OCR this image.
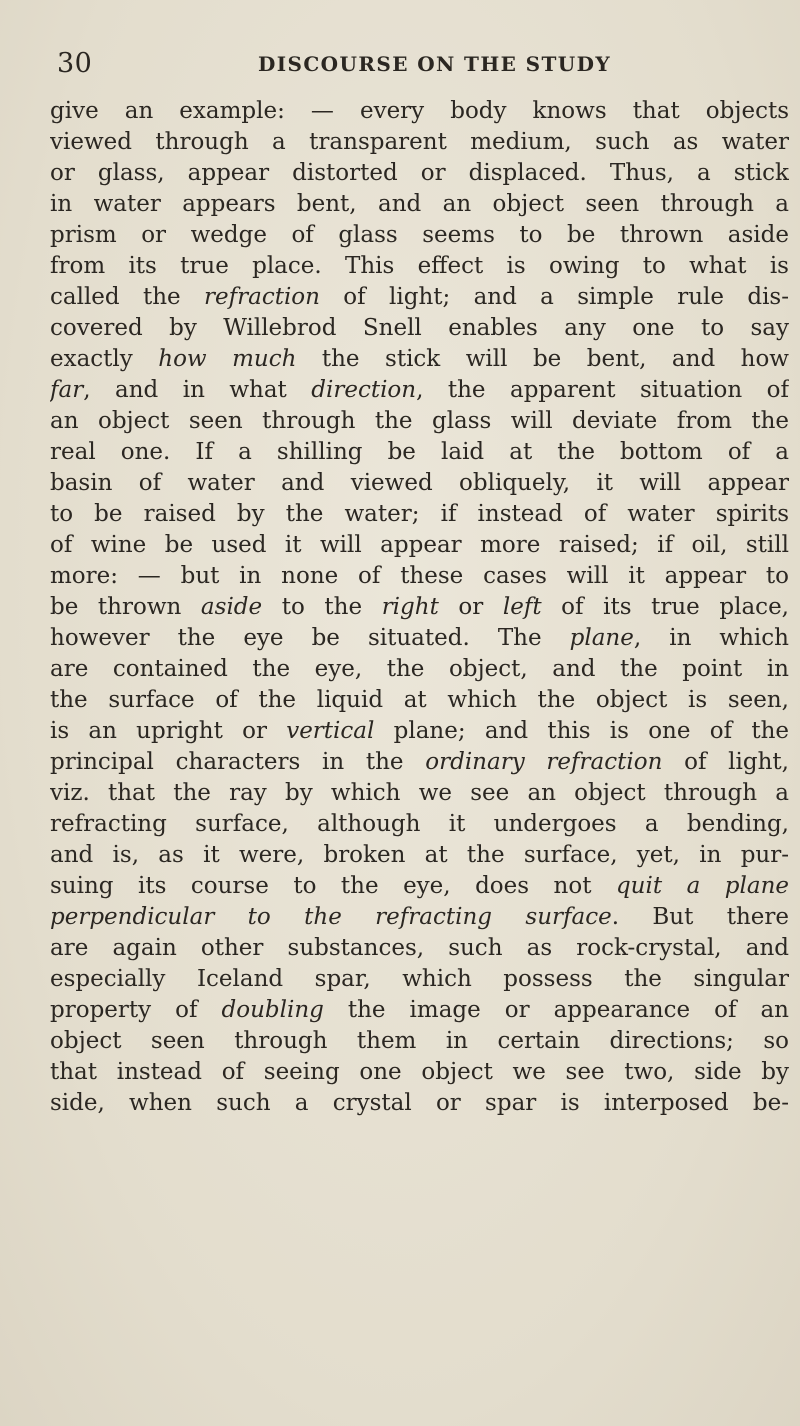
30	DISCOURSE ON THE STUDY
give an example: — every body knows that objects
viewed through a transparent medium, such as water
or glass, appear distorted or displaced. Thus, a stick
in water appears bent, and an object seen through a
prism or wedge of glass seems to be thrown aside
from its true place. This effect is owing to what is
called the refraction of light; and a simple rule dis-
covered by Willebrod Snell enables any one to say
exactly how much the stick will be bent, and how
far, and in what direction, the apparent situation of
an object seen through the glass will deviate from the
real one. If a shilling be laid at the bottom of a
basin of water and viewed obliquely, it will appear
to be raised by the water; if instead of water spirits
of wine be used it will appear more raised; if oil, still
more: — but in none of these cases will it appear to
be thrown aside to the right or left of its true place,
however the eye be situated. The plane, in which
are contained the eye, the object, and the point in
the surface of the liquid at which the object is seen,
is an upright or vertical plane; and this is one of the
principal characters in the ordinary refraction of light,
viz. that the ray by which we see an object through a
refracting surface, although it undergoes a bending,
and is, as it were, broken at the surface, yet, in pur-
suing its course to the eye, does not quit a plane
perpendicular to the refracting surface. But there
are again other substances, such as rock-crystal, and
especially Iceland spar, which possess the singular
property of doubling the image or appearance of an
object seen through them in certain directions; so
that instead of seeing one object we see two, side by
side, when such a crystal or spar is interposed be-
